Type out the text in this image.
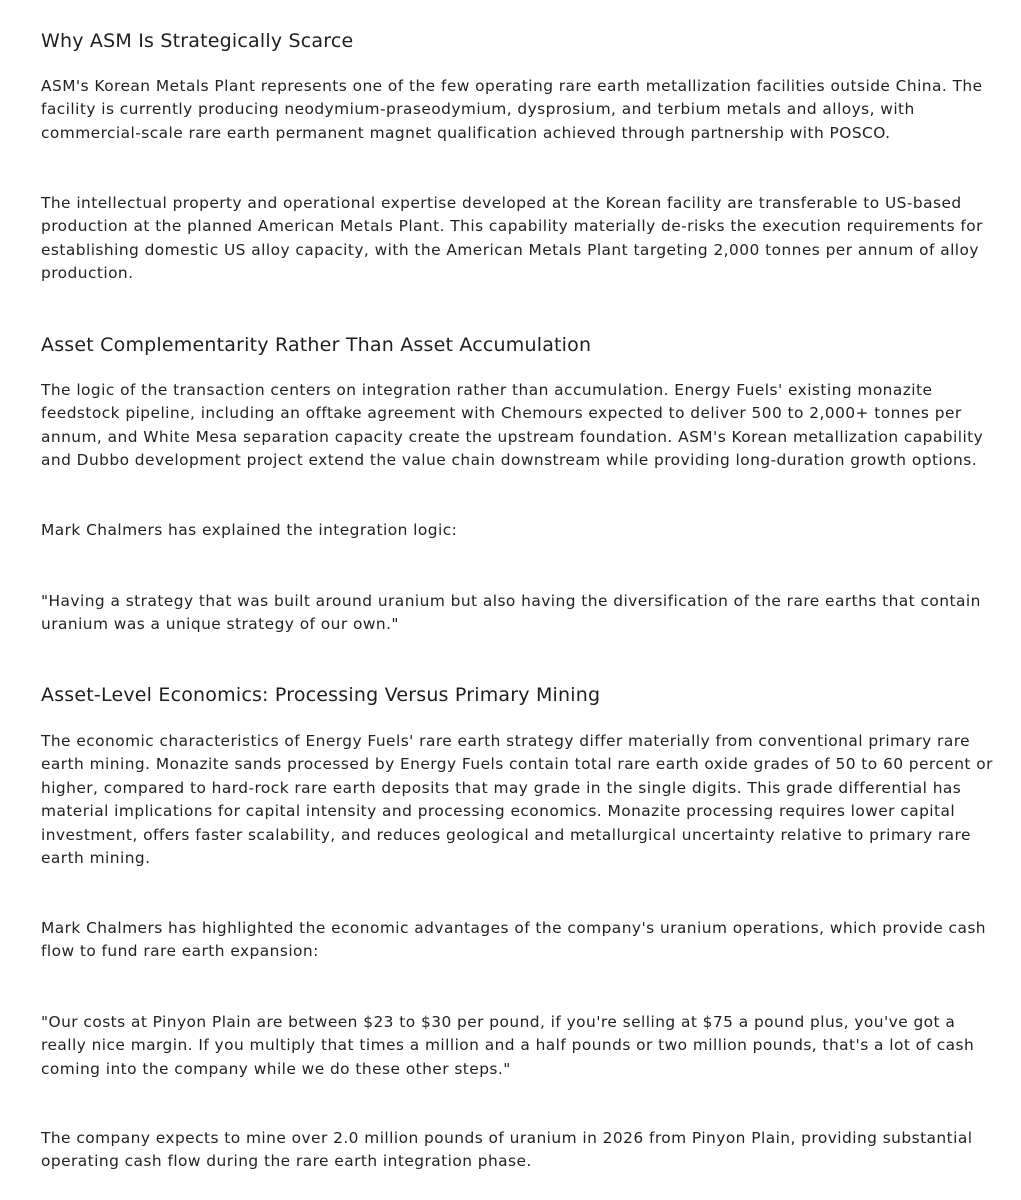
Why ASM Is Strategically Scarce

ASM's Korean Metals Plant represents one of the few operating rare earth metallization facilities outside China. The
facility is currently producing neodymium-praseodymium, dysprosium, and terbium metals and alloys, with
commercial-scale rare earth permanent magnet qualification achieved through partnership with POSCO.

The intellectual property and operational expertise developed at the Korean facility are transferable to US-based
production at the planned American Metals Plant. This capability materially de-risks the execution requirements for
establishing domestic US alloy capacity, with the American Metals Plant targeting 2,000 tonnes per annum of alloy
production.

Asset Complementarity Rather Than Asset Accumulation

The logic of the transaction centers on integration rather than accumulation. Energy Fuels' existing monazite
feedstock pipeline, including an offtake agreement with Chemours expected to deliver 500 to 2,000+ tonnes per
annum, and White Mesa separation capacity create the upstream foundation. ASM's Korean metallization capability
and Dubbo development project extend the value chain downstream while providing long-duration growth options.

Mark Chalmers has explained the integration logic:

"Having a strategy that was built around uranium but also having the diversification of the rare earths that contain
uranium was a unique strategy of our own."

Asset-Level Economics: Processing Versus Primary Mining

The economic characteristics of Energy Fuels' rare earth strategy differ materially from conventional primary rare
earth mining. Monazite sands processed by Energy Fuels contain total rare earth oxide grades of 50 to 60 percent or
higher, compared to hard-rock rare earth deposits that may grade in the single digits. This grade differential has
material implications for capital intensity and processing economics. Monazite processing requires lower capital
investment, offers faster scalability, and reduces geological and metallurgical uncertainty relative to primary rare
earth mining.

Mark Chalmers has highlighted the economic advantages of the company's uranium operations, which provide cash
flow to fund rare earth expansion:

"Our costs at Pinyon Plain are between $23 to $30 per pound, if you're selling at $75 a pound plus, you've got a
really nice margin. If you multiply that times a million and a half pounds or two million pounds, that's a lot of cash
coming into the company while we do these other steps."

The company expects to mine over 2.0 million pounds of uranium in 2026 from Pinyon Plain, providing substantial
operating cash flow during the rare earth integration phase.
